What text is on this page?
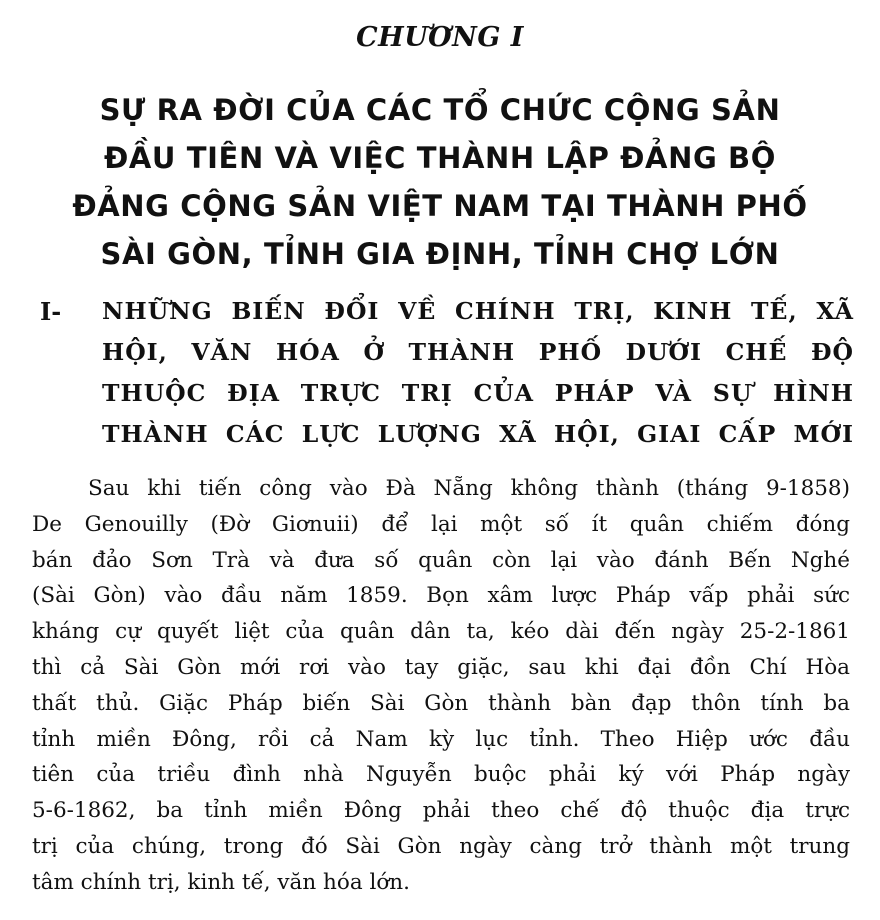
CHƯƠNG I
SỰ RA ĐỜI CỦA CÁC TỔ CHỨC CỘNG SẢN
ĐẦU TIÊN VÀ VIỆC THÀNH LẬP ĐẢNG BỘ
ĐẢNG CỘNG SẢN VIỆT NAM TẠI THÀNH PHỐ
SÀI GÒN, TỈNH GIA ĐỊNH, TỈNH CHỢ LỚN
I- NHỮNG BIẾN ĐỔI VỀ CHÍNH TRỊ, KINH TẾ, XÃ
HỘI, VĂN HÓA Ở THÀNH PHỐ DƯỚI CHẾ ĐỘ
THUỘC ĐỊA TRỰC TRỊ CỦA PHÁP VÀ SỰ HÌNH
THÀNH CÁC LỰC LƯỢNG XÃ HỘI, GIAI CẤP MỚI
Sau khi tiến công vào Đà Nẵng không thành (tháng 9-1858)
De Genouilly (Đờ Giơnuii) để lại một số ít quân chiếm đóng
bán đảo Sơn Trà và đưa số quân còn lại vào đánh Bến Nghé
(Sài Gòn) vào đầu năm 1859. Bọn xâm lược Pháp vấp phải sức
kháng cự quyết liệt của quân dân ta, kéo dài đến ngày 25-2-1861
thì cả Sài Gòn mới rơi vào tay giặc, sau khi đại đồn Chí Hòa
thất thủ. Giặc Pháp biến Sài Gòn thành bàn đạp thôn tính ba
tỉnh miền Đông, rồi cả Nam kỳ lục tỉnh. Theo Hiệp ước đầu
tiên của triều đình nhà Nguyễn buộc phải ký với Pháp ngày
5-6-1862, ba tỉnh miền Đông phải theo chế độ thuộc địa trực
trị của chúng, trong đó Sài Gòn ngày càng trở thành một trung
tâm chính trị, kinh tế, văn hóa lớn.
